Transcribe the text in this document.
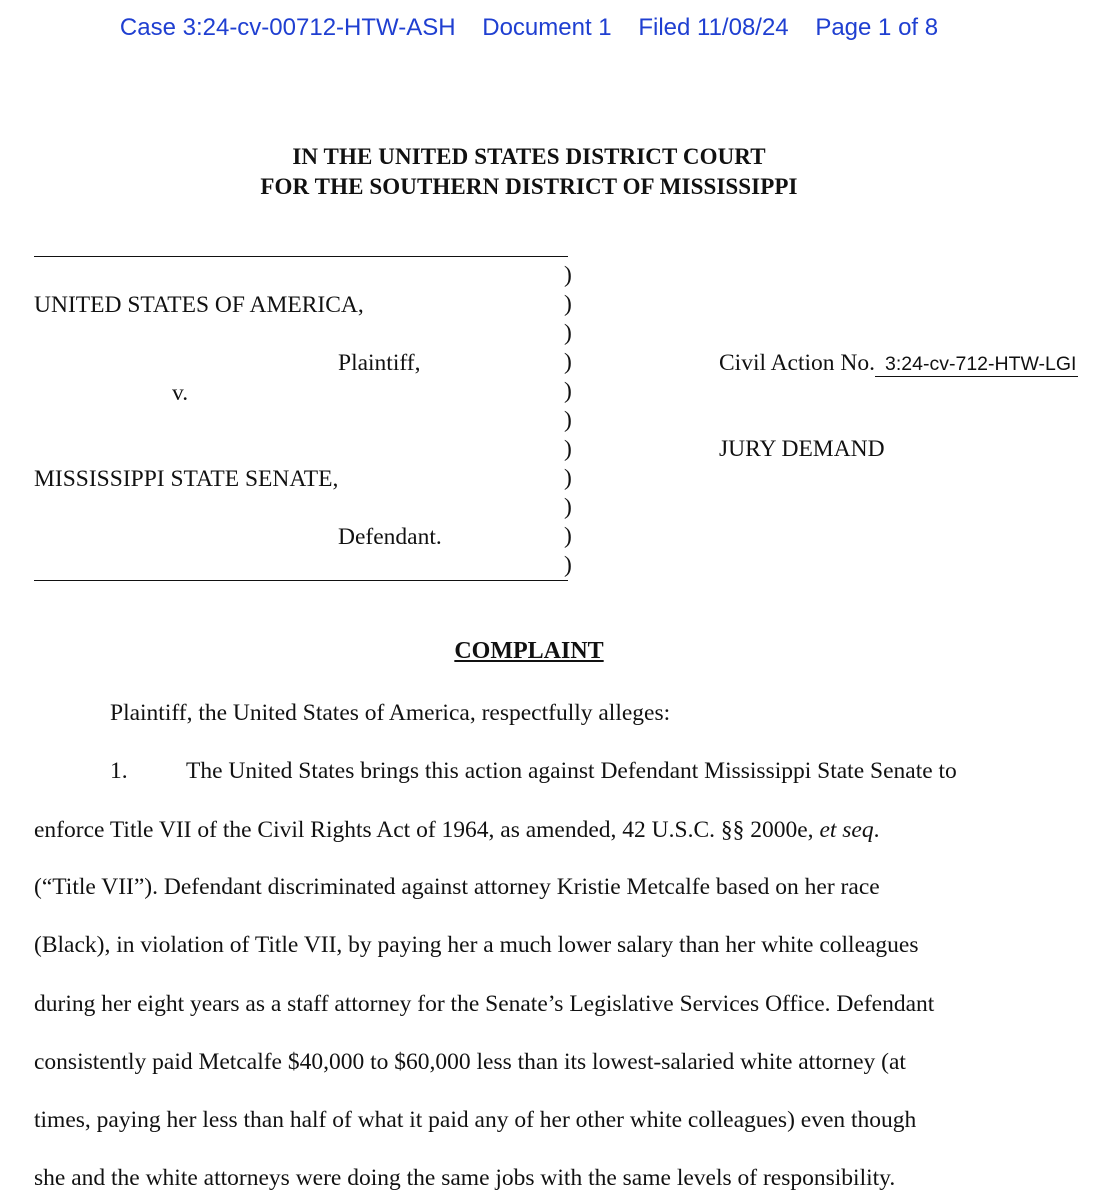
Case 3:24-cv-00712-HTW-ASH Document 1 Filed 11/08/24 Page 1 of 8
IN THE UNITED STATES DISTRICT COURT
FOR THE SOUTHERN DISTRICT OF MISSISSIPPI
UNITED STATES OF AMERICA,
Plaintiff,
v.
MISSISSIPPI STATE SENATE,
Defendant.
)
)
)
)
)
)
)
)
)
)
)
Civil Action No. 3:24-cv-712-HTW-LGI
JURY DEMAND
COMPLAINT
Plaintiff, the United States of America, respectfully alleges:
1. The United States brings this action against Defendant Mississippi State Senate to
enforce Title VII of the Civil Rights Act of 1964, as amended, 42 U.S.C. §§ 2000e, et seq.
(“Title VII”). Defendant discriminated against attorney Kristie Metcalfe based on her race
(Black), in violation of Title VII, by paying her a much lower salary than her white colleagues
during her eight years as a staff attorney for the Senate’s Legislative Services Office. Defendant
consistently paid Metcalfe $40,000 to $60,000 less than its lowest-salaried white attorney (at
times, paying her less than half of what it paid any of her other white colleagues) even though
she and the white attorneys were doing the same jobs with the same levels of responsibility.
